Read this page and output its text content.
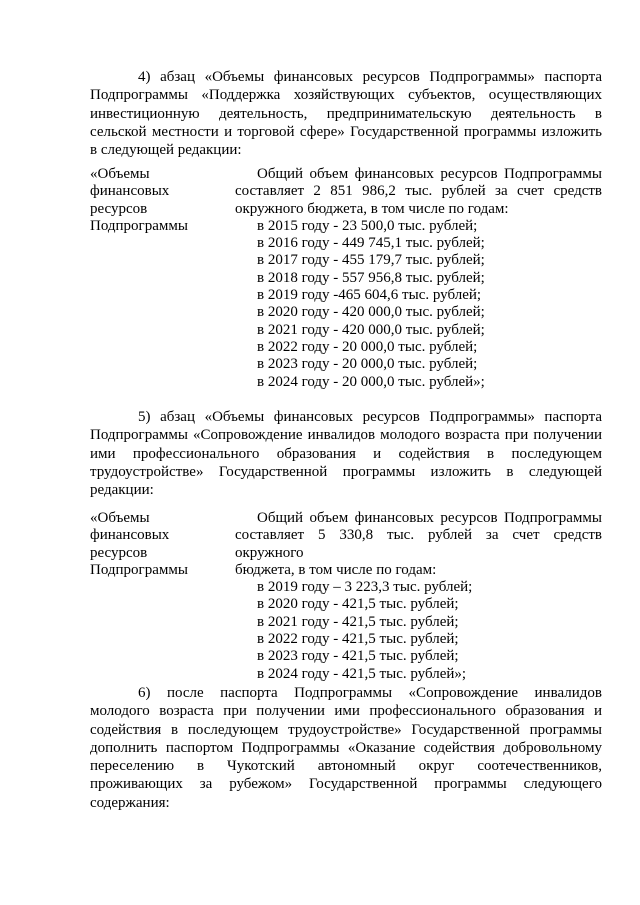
4) абзац «Объемы финансовых ресурсов Подпрограммы» паспорта
Подпрограммы «Поддержка хозяйствующих субъектов, осуществляющих
инвестиционную деятельность, предпринимательскую деятельность в
сельской местности и торговой сфере» Государственной программы изложить
в следующей редакции:

«Объемы
финансовых
ресурсов
Подпрограммы
Общий объем финансовых ресурсов Подпрограммы
составляет 2 851 986,2 тыс. рублей за счет средств
окружного бюджета, в том числе по годам:
в 2015 году - 23 500,0 тыс. рублей;
в 2016 году - 449 745,1 тыс. рублей;
в 2017 году - 455 179,7 тыс. рублей;
в 2018 году - 557 956,8 тыс. рублей;
в 2019 году -465 604,6 тыс. рублей;
в 2020 году - 420 000,0 тыс. рублей;
в 2021 году - 420 000,0 тыс. рублей;
в 2022 году - 20 000,0 тыс. рублей;
в 2023 году - 20 000,0 тыс. рублей;
в 2024 году - 20 000,0 тыс. рублей»;

5) абзац «Объемы финансовых ресурсов Подпрограммы» паспорта
Подпрограммы «Сопровождение инвалидов молодого возраста при получении
ими профессионального образования и содействия в последующем
трудоустройстве» Государственной программы изложить в следующей
редакции:

«Объемы
финансовых
ресурсов
Подпрограммы
Общий объем финансовых ресурсов Подпрограммы
составляет 5 330,8 тыс. рублей за счет средств окружного
бюджета, в том числе по годам:
в 2019 году – 3 223,3 тыс. рублей;
в 2020 году - 421,5 тыс. рублей;
в 2021 году - 421,5 тыс. рублей;
в 2022 году - 421,5 тыс. рублей;
в 2023 году - 421,5 тыс. рублей;
в 2024 году - 421,5 тыс. рублей»;

6) после паспорта Подпрограммы «Сопровождение инвалидов
молодого возраста при получении ими профессионального образования и
содействия в последующем трудоустройстве» Государственной программы
дополнить паспортом Подпрограммы «Оказание содействия добровольному
переселению в Чукотский автономный округ соотечественников,
проживающих за рубежом» Государственной программы следующего
содержания:
